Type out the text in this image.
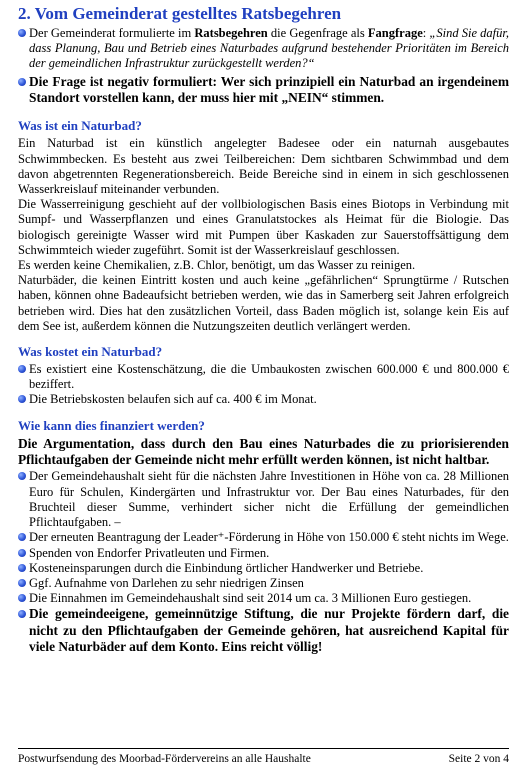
2. Vom Gemeinderat gestelltes Ratsbegehren
Der Gemeinderat formulierte im Ratsbegehren die Gegenfrage als Fangfrage: „Sind Sie dafür, dass Planung, Bau und Betrieb eines Naturbades aufgrund bestehender Prioritäten im Bereich der gemeindlichen Infrastruktur zurückgestellt werden?“
Die Frage ist negativ formuliert: Wer sich prinzipiell ein Naturbad an irgendeinem Standort vorstellen kann, der muss hier mit „NEIN“ stimmen.
Was ist ein Naturbad?

Ein Naturbad ist ein künstlich angelegter Badesee oder ein naturnah ausgebautes Schwimmbecken. Es besteht aus zwei Teilbereichen: Dem sichtbaren Schwimmbad und dem davon abgetrennten Regenerationsbereich. Beide Bereiche sind in einem in sich geschlossenen Wasserkreislauf miteinander verbunden.

Die Wasserreinigung geschieht auf der vollbiologischen Basis eines Biotops in Verbindung mit Sumpf- und Wasserpflanzen und eines Granulatstockes als Heimat für die Biologie. Das biologisch gereinigte Wasser wird mit Pumpen über Kaskaden zur Sauerstoffsättigung dem Schwimmteich wieder zugeführt. Somit ist der Wasserkreislauf geschlossen.

Es werden keine Chemikalien, z.B. Chlor, benötigt, um das Wasser zu reinigen.

Naturbäder, die keinen Eintritt kosten und auch keine „gefährlichen“ Sprungtürme / Rutschen haben, können ohne Badeaufsicht betrieben werden, wie das in Samerberg seit Jahren erfolgreich betrieben wird. Dies hat den zusätzlichen Vorteil, dass Baden möglich ist, solange kein Eis auf dem See ist, außerdem können die Nutzungszeiten deutlich verlängert werden.

Was kostet ein Naturbad?
Es existiert eine Kostenschätzung, die die Umbaukosten zwischen 600.000 € und 800.000 € beziffert.
Die Betriebskosten belaufen sich auf ca. 400 € im Monat.
Wie kann dies finanziert werden?

Die Argumentation, dass durch den Bau eines Naturbades die zu priorisierenden Pflichtaufgaben der Gemeinde nicht mehr erfüllt werden können, ist nicht haltbar.

Der Gemeindehaushalt sieht für die nächsten Jahre Investitionen in Höhe von ca. 28 Millionen Euro für Schulen, Kindergärten und Infrastruktur vor. Der Bau eines Naturbades, für den Bruchteil dieser Summe, verhindert sicher nicht die Erfüllung der gemeindlichen Pflichtaufgaben. –
Der erneuten Beantragung der Leader⁺-Förderung in Höhe von 150.000 € steht nichts im Wege.
Spenden von Endorfer Privatleuten und Firmen.
Kosteneinsparungen durch die Einbindung örtlicher Handwerker und Betriebe.
Ggf. Aufnahme von Darlehen zu sehr niedrigen Zinsen
Die Einnahmen im Gemeindehaushalt sind seit 2014 um ca. 3 Millionen Euro gestiegen.
Die gemeindeeigene, gemeinnützige Stiftung, die nur Projekte fördern darf, die nicht zu den Pflichtaufgaben der Gemeinde gehören, hat ausreichend Kapital für viele Naturbäder auf dem Konto. Eins reicht völlig!
Postwurfsendung des Moorbad-Fördervereins an alle Haushalte	Seite 2 von 4
